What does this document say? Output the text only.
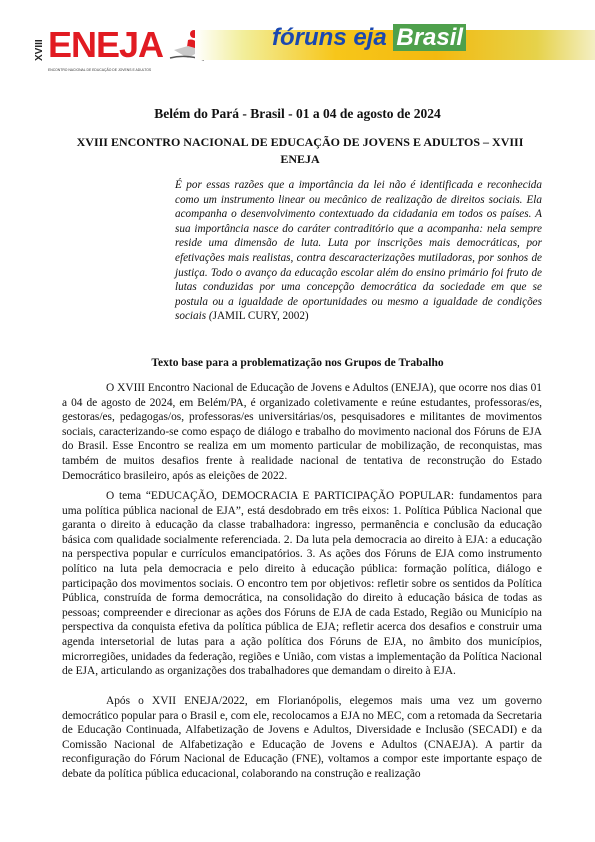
XVIII ENEJA
ENCONTRO NACIONAL DE EDUCAÇÃO DE JOVENS E ADULTOS
fóruns eja Brasil
Belém do Pará - Brasil - 01 a 04 de agosto de 2024
XVIII ENCONTRO NACIONAL DE EDUCAÇÃO DE JOVENS E ADULTOS – XVIII ENEJA
É por essas razões que a importância da lei não é identificada e reconhecida como um instrumento linear ou mecânico de realização de direitos sociais. Ela acompanha o desenvolvimento contextuado da cidadania em todos os países. A sua importância nasce do caráter contraditório que a acompanha: nela sempre reside uma dimensão de luta. Luta por inscrições mais democráticas, por efetivações mais realistas, contra descaracterizações mutiladoras, por sonhos de justiça. Todo o avanço da educação escolar além do ensino primário foi fruto de lutas conduzidas por uma concepção democrática da sociedade em que se postula ou a igualdade de oportunidades ou mesmo a igualdade de condições sociais (JAMIL CURY, 2002)
Texto base para a problematização nos Grupos de Trabalho
O XVIII Encontro Nacional de Educação de Jovens e Adultos (ENEJA), que ocorre nos dias 01 a 04 de agosto de 2024, em Belém/PA, é organizado coletivamente e reúne estudantes, professoras/es, gestoras/es, pedagogas/os, professoras/es universitárias/os, pesquisadores e militantes de movimentos sociais, caracterizando-se como espaço de diálogo e trabalho do movimento nacional dos Fóruns de EJA do Brasil. Esse Encontro se realiza em um momento particular de mobilização, de reconquistas, mas também de muitos desafios frente à realidade nacional de tentativa de reconstrução do Estado Democrático brasileiro, após as eleições de 2022.
O tema “EDUCAÇÃO, DEMOCRACIA E PARTICIPAÇÃO POPULAR: fundamentos para uma política pública nacional de EJA”, está desdobrado em três eixos: 1. Política Pública Nacional que garanta o direito à educação da classe trabalhadora: ingresso, permanência e conclusão da educação básica com qualidade socialmente referenciada. 2. Da luta pela democracia ao direito à EJA: a educação na perspectiva popular e currículos emancipatórios. 3. As ações dos Fóruns de EJA como instrumento político na luta pela democracia e pelo direito à educação pública: formação política, diálogo e participação dos movimentos sociais. O encontro tem por objetivos: refletir sobre os sentidos da Política Pública, construída de forma democrática, na consolidação do direito à educação básica de todas as pessoas; compreender e direcionar as ações dos Fóruns de EJA de cada Estado, Região ou Município na perspectiva da conquista efetiva da política pública de EJA; refletir acerca dos desafios e construir uma agenda intersetorial de lutas para a ação política dos Fóruns de EJA, no âmbito dos municípios, microrregiões, unidades da federação, regiões e União, com vistas a implementação da Política Nacional de EJA, articulando as organizações dos trabalhadores que demandam o direito à EJA.
Após o XVII ENEJA/2022, em Florianópolis, elegemos mais uma vez um governo democrático popular para o Brasil e, com ele, recolocamos a EJA no MEC, com a retomada da Secretaria de Educação Continuada, Alfabetização de Jovens e Adultos, Diversidade e Inclusão (SECADI) e da Comissão Nacional de Alfabetização e Educação de Jovens e Adultos (CNAEJA). A partir da reconfiguração do Fórum Nacional de Educação (FNE), voltamos a compor este importante espaço de debate da política pública educacional, colaborando na construção e realização
